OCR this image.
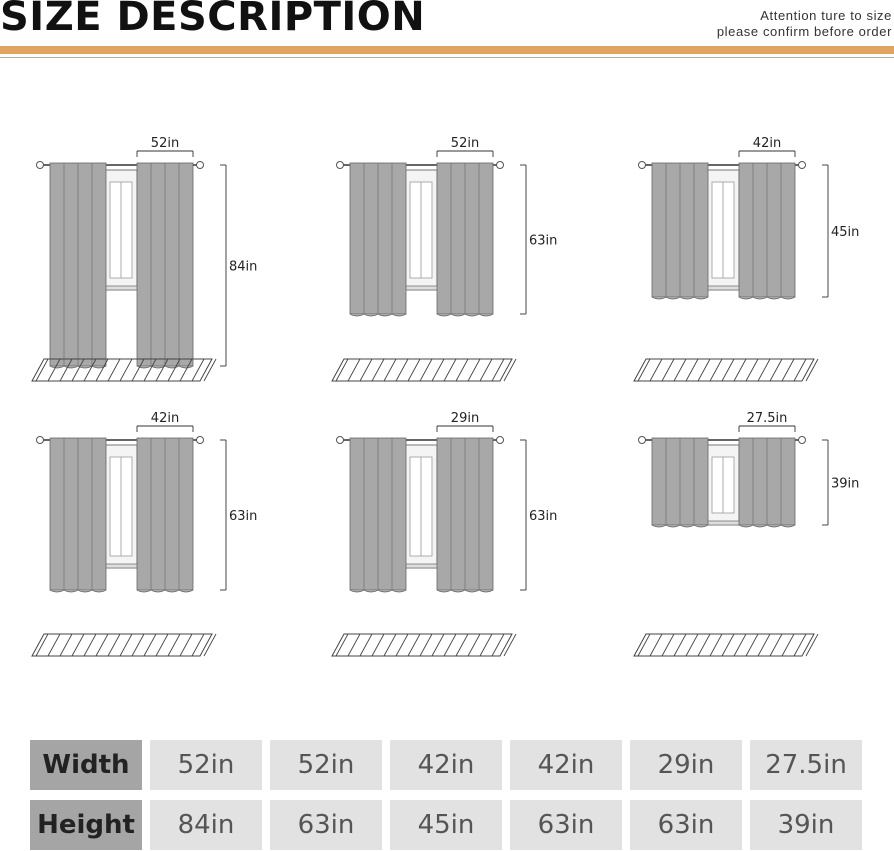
SIZE DESCRIPTION	Attention ture to size
please confirm before order
52in
84in
52in
63in
42in
45in
42in
63in
29in
63in
27.5in
39in
Width	52in	52in	42in	42in	29in	27.5in
Height	84in	63in	45in	63in	63in	39in
